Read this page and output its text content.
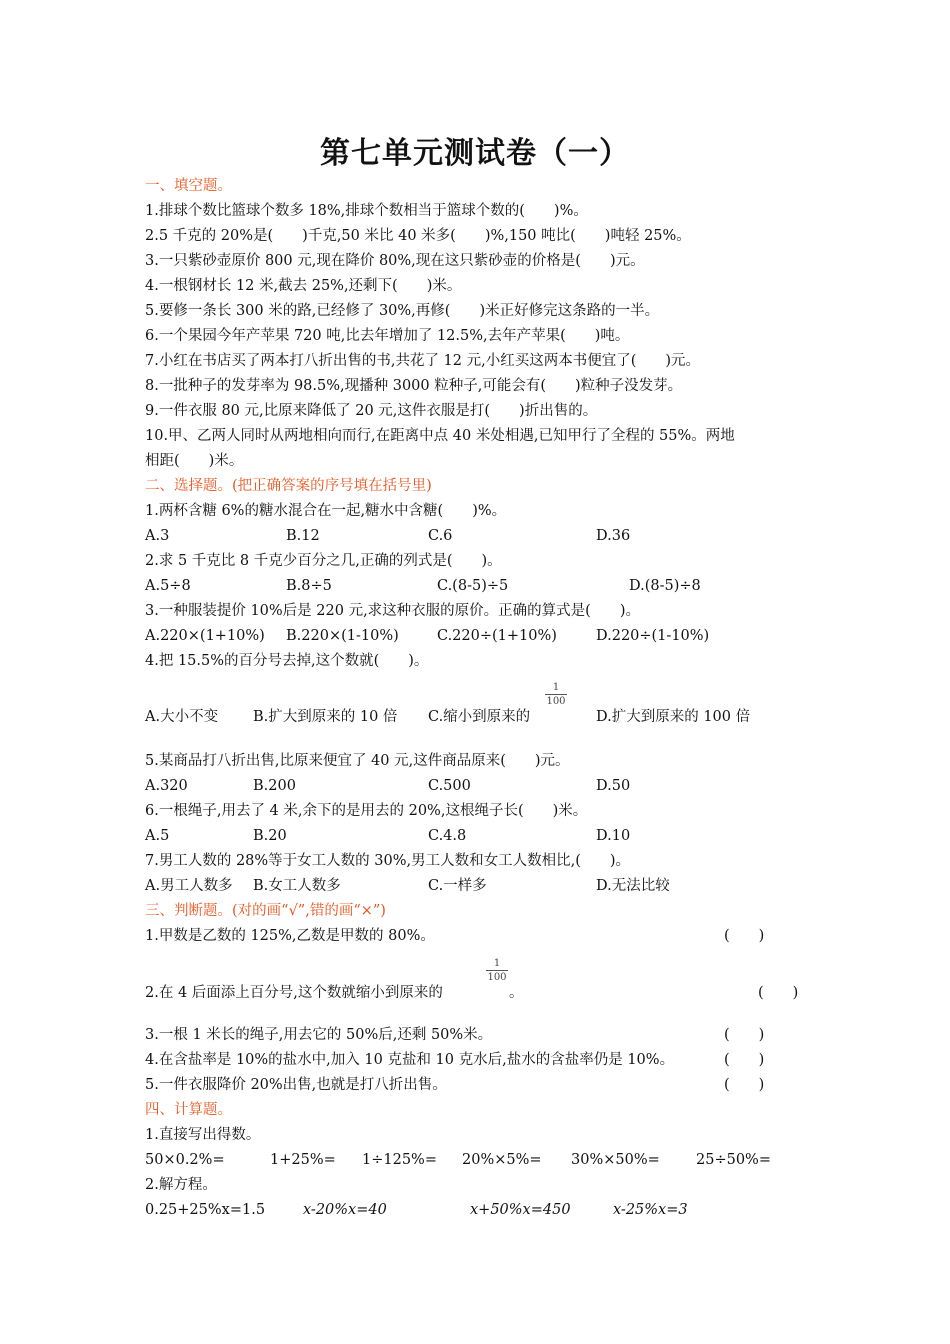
第七单元测试卷（一）
一、填空题。
1.排球个数比篮球个数多 18%,排球个数相当于篮球个数的(　　)%。
2.5 千克的 20%是(　　)千克,50 米比 40 米多(　　)%,150 吨比(　　)吨轻 25%。
3.一只紫砂壶原价 800 元,现在降价 80%,现在这只紫砂壶的价格是(　　)元。
4.一根钢材长 12 米,截去 25%,还剩下(　　)米。
5.要修一条长 300 米的路,已经修了 30%,再修(　　)米正好修完这条路的一半。
6.一个果园今年产苹果 720 吨,比去年增加了 12.5%,去年产苹果(　　)吨。
7.小红在书店买了两本打八折出售的书,共花了 12 元,小红买这两本书便宜了(　　)元。
8.一批种子的发芽率为 98.5%,现播种 3000 粒种子,可能会有(　　)粒种子没发芽。
9.一件衣服 80 元,比原来降低了 20 元,这件衣服是打(　　)折出售的。
10.甲、乙两人同时从两地相向而行,在距离中点 40 米处相遇,已知甲行了全程的 55%。两地
相距(　　)米。
二、选择题。(把正确答案的序号填在括号里)
1.两杯含糖 6%的糖水混合在一起,糖水中含糖(　　)%。
A.3	B.12	C.6	D.36
2.求 5 千克比 8 千克少百分之几,正确的列式是(　　)。
A.5÷8	B.8÷5	C.(8-5)÷5	D.(8-5)÷8
3.一种服装提价 10%后是 220 元,求这种衣服的原价。正确的算式是(　　)。
A.220×(1+10%) B.220×(1-10%)	C.220÷(1+10%)	D.220÷(1-10%)
4.把 15.5%的百分号去掉,这个数就(　　)。
A.大小不变 B.扩大到原来的 10 倍 C.缩小到原来的
1
100
D.扩大到原来的 100 倍
5.某商品打八折出售,比原来便宜了 40 元,这件商品原来(　　)元。
A.320	B.200	C.500	D.50
6.一根绳子,用去了 4 米,余下的是用去的 20%,这根绳子长(　　)米。
A.5	B.20	C.4.8	D.10
7.男工人数的 28%等于女工人数的 30%,男工人数和女工人数相比,(　　)。
A.男工人数多 B.女工人数多	C.一样多	D.无法比较
三、判断题。(对的画“√”,错的画“×”)
1.甲数是乙数的 125%,乙数是甲数的 80%。	(　　)
2.在 4 后面添上百分号,这个数就缩小到原来的
1
100
。	(　　)
3.一根 1 米长的绳子,用去它的 50%后,还剩 50%米。	(　　)
4.在含盐率是 10%的盐水中,加入 10 克盐和 10 克水后,盐水的含盐率仍是 10%。	(　　)
5.一件衣服降价 20%出售,也就是打八折出售。	(　　)
四、计算题。
1.直接写出得数。
50×0.2%=	1+25%= 1÷125%= 20%×5%= 30%×50%= 25÷50%=
2.解方程。
0.25+25%x=1.5	x-20%x=40	x+50%x=450	x-25%x=3
